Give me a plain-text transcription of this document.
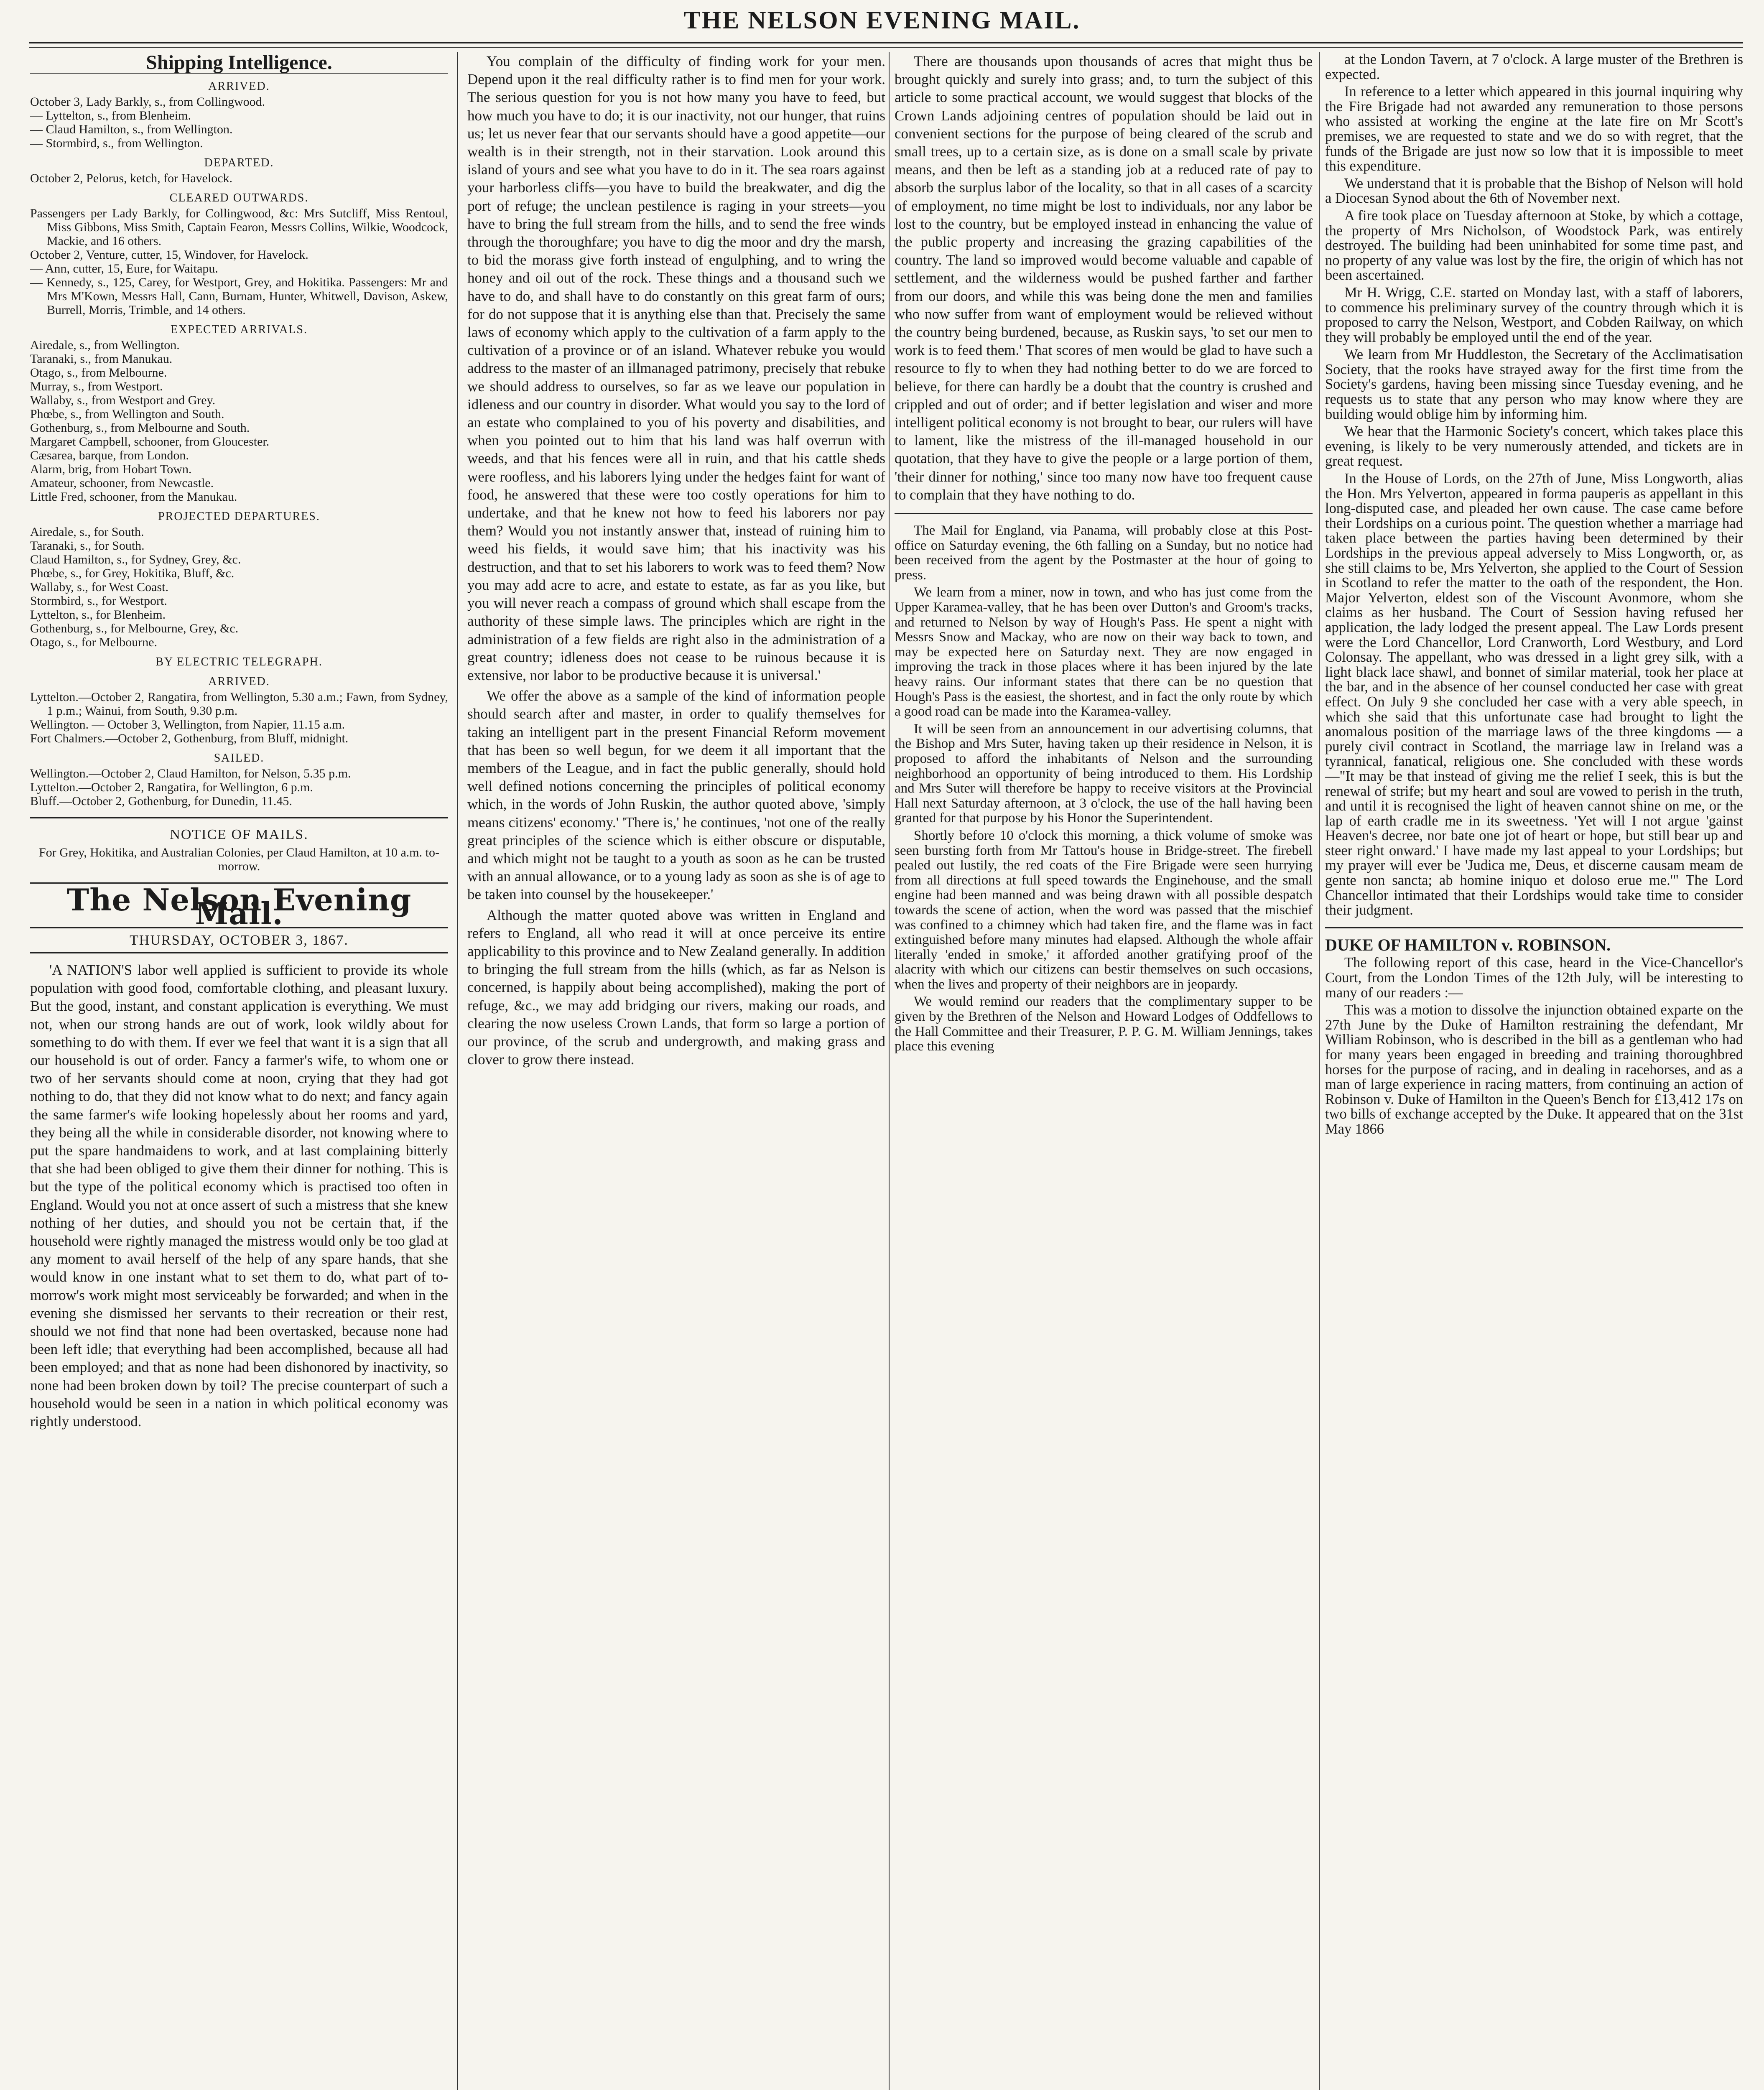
THE NELSON EVENING MAIL.
Shipping Intelligence.
ARRIVED.
October 3, Lady Barkly, s., from Collingwood.
— Lyttelton, s., from Blenheim.
— Claud Hamilton, s., from Wellington.
— Stormbird, s., from Wellington.
DEPARTED.
October 2, Pelorus, ketch, for Havelock.
CLEARED OUTWARDS.
Passengers per Lady Barkly, for Collingwood, &c: Mrs Sutcliff, Miss Rentoul, Miss Gibbons, Miss Smith, Captain Fearon, Messrs Collins, Wilkie, Woodcock, Mackie, and 16 others.
October 2, Venture, cutter, 15, Windover, for Havelock.
— Ann, cutter, 15, Eure, for Waitapu.
— Kennedy, s., 125, Carey, for Westport, Grey, and Hokitika. Passengers: Mr and Mrs M'Kown, Messrs Hall, Cann, Burnam, Hunter, Whitwell, Davison, Askew, Burrell, Morris, Trimble, and 14 others.
EXPECTED ARRIVALS.
Airedale, s., from Wellington.
Taranaki, s., from Manukau.
Otago, s., from Melbourne.
Murray, s., from Westport.
Wallaby, s., from Westport and Grey.
Phœbe, s., from Wellington and South.
Gothenburg, s., from Melbourne and South.
Margaret Campbell, schooner, from Gloucester.
Cæsarea, barque, from London.
Alarm, brig, from Hobart Town.
Amateur, schooner, from Newcastle.
Little Fred, schooner, from the Manukau.
PROJECTED DEPARTURES.
Airedale, s., for South.
Taranaki, s., for South.
Claud Hamilton, s., for Sydney, Grey, &c.
Phœbe, s., for Grey, Hokitika, Bluff, &c.
Wallaby, s., for West Coast.
Stormbird, s., for Westport.
Lyttelton, s., for Blenheim.
Gothenburg, s., for Melbourne, Grey, &c.
Otago, s., for Melbourne.
BY ELECTRIC TELEGRAPH.
ARRIVED.
Lyttelton.—October 2, Rangatira, from Wellington, 5.30 a.m.; Fawn, from Sydney, 1 p.m.; Wainui, from South, 9.30 p.m.
Wellington. — October 3, Wellington, from Napier, 11.15 a.m.
Fort Chalmers.—October 2, Gothenburg, from Bluff, midnight.
SAILED.
Wellington.—October 2, Claud Hamilton, for Nelson, 5.35 p.m.
Lyttelton.—October 2, Rangatira, for Wellington, 6 p.m.
Bluff.—October 2, Gothenburg, for Dunedin, 11.45.
NOTICE OF MAILS.
For Grey, Hokitika, and Australian Colonies, per Claud Hamilton, at 10 a.m. to-morrow.
The Nelson Evening Mail.
THURSDAY, OCTOBER 3, 1867.

'A NATION'S labor well applied is sufficient to provide its whole population with good food, comfortable clothing, and pleasant luxury. But the good, instant, and constant application is everything. We must not, when our strong hands are out of work, look wildly about for something to do with them. If ever we feel that want it is a sign that all our household is out of order. Fancy a farmer's wife, to whom one or two of her servants should come at noon, crying that they had got nothing to do, that they did not know what to do next; and fancy again the same farmer's wife looking hopelessly about her rooms and yard, they being all the while in considerable disorder, not knowing where to put the spare handmaidens to work, and at last complaining bitterly that she had been obliged to give them their dinner for nothing. This is but the type of the political economy which is practised too often in England. Would you not at once assert of such a mistress that she knew nothing of her duties, and should you not be certain that, if the household were rightly managed the mistress would only be too glad at any moment to avail herself of the help of any spare hands, that she would know in one instant what to set them to do, what part of to-morrow's work might most serviceably be forwarded; and when in the evening she dismissed her servants to their recreation or their rest, should we not find that none had been overtasked, because none had been left idle; that everything had been accomplished, because all had been employed; and that as none had been dishonored by inactivity, so none had been broken down by toil? The precise counterpart of such a household would be seen in a nation in which political economy was rightly understood.

You complain of the difficulty of finding work for your men. Depend upon it the real difficulty rather is to find men for your work. The serious question for you is not how many you have to feed, but how much you have to do; it is our inactivity, not our hunger, that ruins us; let us never fear that our servants should have a good appetite—our wealth is in their strength, not in their starvation. Look around this island of yours and see what you have to do in it. The sea roars against your harborless cliffs—you have to build the breakwater, and dig the port of refuge; the unclean pestilence is raging in your streets—you have to bring the full stream from the hills, and to send the free winds through the thoroughfare; you have to dig the moor and dry the marsh, to bid the morass give forth instead of engulphing, and to wring the honey and oil out of the rock. These things and a thousand such we have to do, and shall have to do constantly on this great farm of ours; for do not suppose that it is anything else than that. Precisely the same laws of economy which apply to the cultivation of a farm apply to the cultivation of a province or of an island. Whatever rebuke you would address to the master of an illmanaged patrimony, precisely that rebuke we should address to ourselves, so far as we leave our population in idleness and our country in disorder. What would you say to the lord of an estate who complained to you of his poverty and disabilities, and when you pointed out to him that his land was half overrun with weeds, and that his fences were all in ruin, and that his cattle sheds were roofless, and his laborers lying under the hedges faint for want of food, he answered that these were too costly operations for him to undertake, and that he knew not how to feed his laborers nor pay them? Would you not instantly answer that, instead of ruining him to weed his fields, it would save him; that his inactivity was his destruction, and that to set his laborers to work was to feed them? Now you may add acre to acre, and estate to estate, as far as you like, but you will never reach a compass of ground which shall escape from the authority of these simple laws. The principles which are right in the administration of a few fields are right also in the administration of a great country; idleness does not cease to be ruinous because it is extensive, nor labor to be productive because it is universal.'

We offer the above as a sample of the kind of information people should search after and master, in order to qualify themselves for taking an intelligent part in the present Financial Reform movement that has been so well begun, for we deem it all important that the members of the League, and in fact the public generally, should hold well defined notions concerning the principles of political economy which, in the words of John Ruskin, the author quoted above, 'simply means citizens' economy.' 'There is,' he continues, 'not one of the really great principles of the science which is either obscure or disputable, and which might not be taught to a youth as soon as he can be trusted with an annual allowance, or to a young lady as soon as she is of age to be taken into counsel by the housekeeper.'

Although the matter quoted above was written in England and refers to England, all who read it will at once perceive its entire applicability to this province and to New Zealand generally. In addition to bringing the full stream from the hills (which, as far as Nelson is concerned, is happily about being accomplished), making the port of refuge, &c., we may add bridging our rivers, making our roads, and clearing the now useless Crown Lands, that form so large a portion of our province, of the scrub and undergrowth, and making grass and clover to grow there instead.

There are thousands upon thousands of acres that might thus be brought quickly and surely into grass; and, to turn the subject of this article to some practical account, we would suggest that blocks of the Crown Lands adjoining centres of population should be laid out in convenient sections for the purpose of being cleared of the scrub and small trees, up to a certain size, as is done on a small scale by private means, and then be left as a standing job at a reduced rate of pay to absorb the surplus labor of the locality, so that in all cases of a scarcity of employment, no time might be lost to individuals, nor any labor be lost to the country, but be employed instead in enhancing the value of the public property and increasing the grazing capabilities of the country. The land so improved would become valuable and capable of settlement, and the wilderness would be pushed farther and farther from our doors, and while this was being done the men and families who now suffer from want of employment would be relieved without the country being burdened, because, as Ruskin says, 'to set our men to work is to feed them.' That scores of men would be glad to have such a resource to fly to when they had nothing better to do we are forced to believe, for there can hardly be a doubt that the country is crushed and crippled and out of order; and if better legislation and wiser and more intelligent political economy is not brought to bear, our rulers will have to lament, like the mistress of the ill-managed household in our quotation, that they have to give the people or a large portion of them, 'their dinner for nothing,' since too many now have too frequent cause to complain that they have nothing to do.

The Mail for England, via Panama, will probably close at this Post-office on Saturday evening, the 6th falling on a Sunday, but no notice had been received from the agent by the Postmaster at the hour of going to press.

We learn from a miner, now in town, and who has just come from the Upper Karamea-valley, that he has been over Dutton's and Groom's tracks, and returned to Nelson by way of Hough's Pass. He spent a night with Messrs Snow and Mackay, who are now on their way back to town, and may be expected here on Saturday next. They are now engaged in improving the track in those places where it has been injured by the late heavy rains. Our informant states that there can be no question that Hough's Pass is the easiest, the shortest, and in fact the only route by which a good road can be made into the Karamea-valley.

It will be seen from an announcement in our advertising columns, that the Bishop and Mrs Suter, having taken up their residence in Nelson, it is proposed to afford the inhabitants of Nelson and the surrounding neighborhood an opportunity of being introduced to them. His Lordship and Mrs Suter will therefore be happy to receive visitors at the Provincial Hall next Saturday afternoon, at 3 o'clock, the use of the hall having been granted for that purpose by his Honor the Superintendent.

Shortly before 10 o'clock this morning, a thick volume of smoke was seen bursting forth from Mr Tattou's house in Bridge-street. The firebell pealed out lustily, the red coats of the Fire Brigade were seen hurrying from all directions at full speed towards the Enginehouse, and the small engine had been manned and was being drawn with all possible despatch towards the scene of action, when the word was passed that the mischief was confined to a chimney which had taken fire, and the flame was in fact extinguished before many minutes had elapsed. Although the whole affair literally 'ended in smoke,' it afforded another gratifying proof of the alacrity with which our citizens can bestir themselves on such occasions, when the lives and property of their neighbors are in jeopardy.

We would remind our readers that the complimentary supper to be given by the Brethren of the Nelson and Howard Lodges of Oddfellows to the Hall Committee and their Treasurer, P. P. G. M. William Jennings, takes place this evening

at the London Tavern, at 7 o'clock. A large muster of the Brethren is expected.

In reference to a letter which appeared in this journal inquiring why the Fire Brigade had not awarded any remuneration to those persons who assisted at working the engine at the late fire on Mr Scott's premises, we are requested to state and we do so with regret, that the funds of the Brigade are just now so low that it is impossible to meet this expenditure.

We understand that it is probable that the Bishop of Nelson will hold a Diocesan Synod about the 6th of November next.

A fire took place on Tuesday afternoon at Stoke, by which a cottage, the property of Mrs Nicholson, of Woodstock Park, was entirely destroyed. The building had been uninhabited for some time past, and no property of any value was lost by the fire, the origin of which has not been ascertained.

Mr H. Wrigg, C.E. started on Monday last, with a staff of laborers, to commence his preliminary survey of the country through which it is proposed to carry the Nelson, Westport, and Cobden Railway, on which they will probably be employed until the end of the year.

We learn from Mr Huddleston, the Secretary of the Acclimatisation Society, that the rooks have strayed away for the first time from the Society's gardens, having been missing since Tuesday evening, and he requests us to state that any person who may know where they are building would oblige him by informing him.

We hear that the Harmonic Society's concert, which takes place this evening, is likely to be very numerously attended, and tickets are in great request.

In the House of Lords, on the 27th of June, Miss Longworth, alias the Hon. Mrs Yelverton, appeared in forma pauperis as appellant in this long-disputed case, and pleaded her own cause. The case came before their Lordships on a curious point. The question whether a marriage had taken place between the parties having been determined by their Lordships in the previous appeal adversely to Miss Longworth, or, as she still claims to be, Mrs Yelverton, she applied to the Court of Session in Scotland to refer the matter to the oath of the respondent, the Hon. Major Yelverton, eldest son of the Viscount Avonmore, whom she claims as her husband. The Court of Session having refused her application, the lady lodged the present appeal. The Law Lords present were the Lord Chancellor, Lord Cranworth, Lord Westbury, and Lord Colonsay. The appellant, who was dressed in a light grey silk, with a light black lace shawl, and bonnet of similar material, took her place at the bar, and in the absence of her counsel conducted her case with great effect. On July 9 she concluded her case with a very able speech, in which she said that this unfortunate case had brought to light the anomalous position of the marriage laws of the three kingdoms — a purely civil contract in Scotland, the marriage law in Ireland was a tyrannical, fanatical, religious one. She concluded with these words—"It may be that instead of giving me the relief I seek, this is but the renewal of strife; but my heart and soul are vowed to perish in the truth, and until it is recognised the light of heaven cannot shine on me, or the lap of earth cradle me in its sweetness. 'Yet will I not argue 'gainst Heaven's decree, nor bate one jot of heart or hope, but still bear up and steer right onward.' I have made my last appeal to your Lordships; but my prayer will ever be 'Judica me, Deus, et discerne causam meam de gente non sancta; ab homine iniquo et doloso erue me.'" The Lord Chancellor intimated that their Lordships would take time to consider their judgment.

DUKE OF HAMILTON v. ROBINSON.

The following report of this case, heard in the Vice-Chancellor's Court, from the London Times of the 12th July, will be interesting to many of our readers :—

This was a motion to dissolve the injunction obtained exparte on the 27th June by the Duke of Hamilton restraining the defendant, Mr William Robinson, who is described in the bill as a gentleman who had for many years been engaged in breeding and training thoroughbred horses for the purpose of racing, and in dealing in racehorses, and as a man of large experience in racing matters, from continuing an action of Robinson v. Duke of Hamilton in the Queen's Bench for £13,412 17s on two bills of exchange accepted by the Duke. It appeared that on the 31st May 1866
